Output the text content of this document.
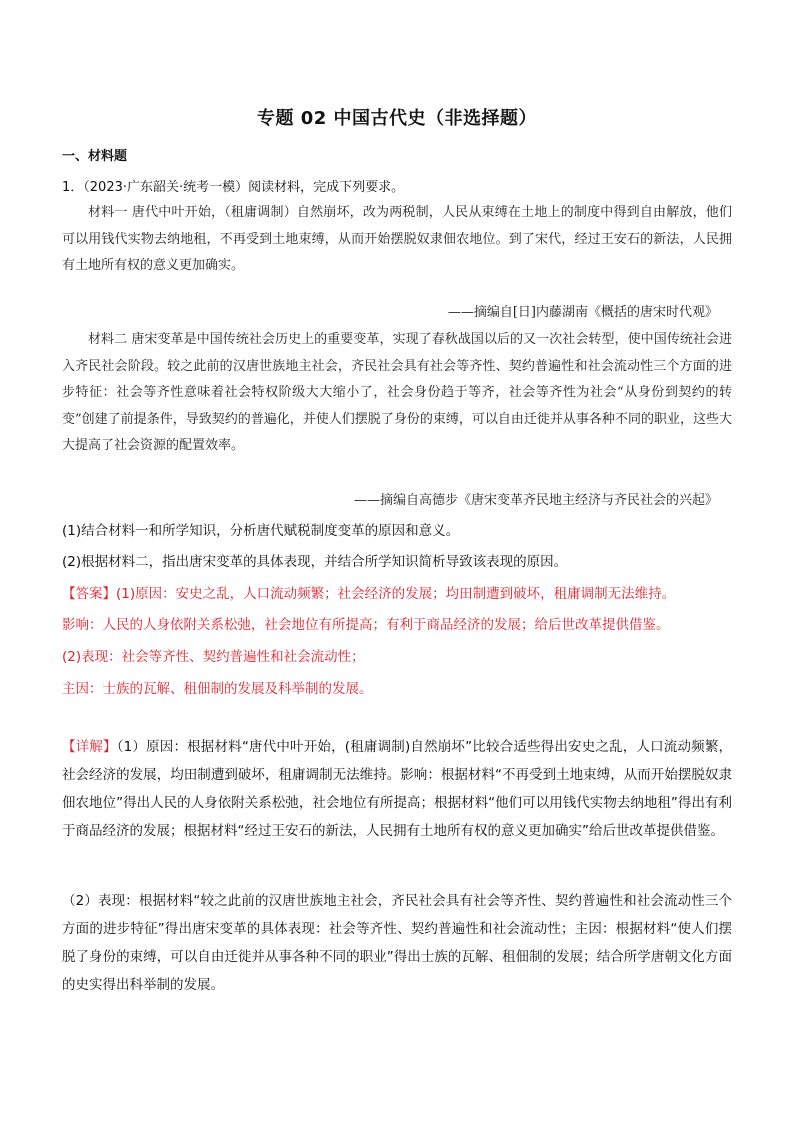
专题 02 中国古代史（非选择题）
一、材料题
1．（2023·广东韶关·统考一模）阅读材料，完成下列要求。

材料一 唐代中叶开始，（租庸调制）自然崩坏，改为两税制，人民从束缚在土地上的制度中得到自由解放，他们可以用钱代实物去纳地租，不再受到土地束缚，从而开始摆脱奴隶佃农地位。到了宋代，经过王安石的新法，人民拥有土地所有权的意义更加确实。

——摘编自[日]内藤湖南《概括的唐宋时代观》

材料二 唐宋变革是中国传统社会历史上的重要变革，实现了春秋战国以后的又一次社会转型，使中国传统社会进入齐民社会阶段。较之此前的汉唐世族地主社会，齐民社会具有社会等齐性、契约普遍性和社会流动性三个方面的进步特征：社会等齐性意味着社会特权阶级大大缩小了，社会身份趋于等齐，社会等齐性为社会“从身份到契约的转变”创建了前提条件，导致契约的普遍化，并使人们摆脱了身份的束缚，可以自由迁徙并从事各种不同的职业，这些大大提高了社会资源的配置效率。

——摘编自高德步《唐宋变革齐民地主经济与齐民社会的兴起》
(1)结合材料一和所学知识，分析唐代赋税制度变革的原因和意义。
(2)根据材料二，指出唐宋变革的具体表现，并结合所学知识简析导致该表现的原因。
【答案】(1)原因：安史之乱，人口流动频繁；社会经济的发展；均田制遭到破坏，租庸调制无法维持。
影响：人民的人身依附关系松弛，社会地位有所提高；有利于商品经济的发展；给后世改革提供借鉴。
(2)表现：社会等齐性、契约普遍性和社会流动性；
主因：士族的瓦解、租佃制的发展及科举制的发展。

【详解】（1）原因：根据材料“唐代中叶开始，(租庸调制)自然崩坏”比较合适些得出安史之乱，人口流动频繁，社会经济的发展，均田制遭到破坏，租庸调制无法维持。影响：根据材料“不再受到土地束缚，从而开始摆脱奴隶佃农地位”得出人民的人身依附关系松弛，社会地位有所提高；根据材料“他们可以用钱代实物去纳地租”得出有利于商品经济的发展；根据材料“经过王安石的新法，人民拥有土地所有权的意义更加确实”给后世改革提供借鉴。

（2）表现：根据材料“较之此前的汉唐世族地主社会，齐民社会具有社会等齐性、契约普遍性和社会流动性三个方面的进步特征”得出唐宋变革的具体表现：社会等齐性、契约普遍性和社会流动性；主因：根据材料“使人们摆脱了身份的束缚，可以自由迁徙并从事各种不同的职业”得出士族的瓦解、租佃制的发展；结合所学唐朝文化方面的史实得出科举制的发展。
